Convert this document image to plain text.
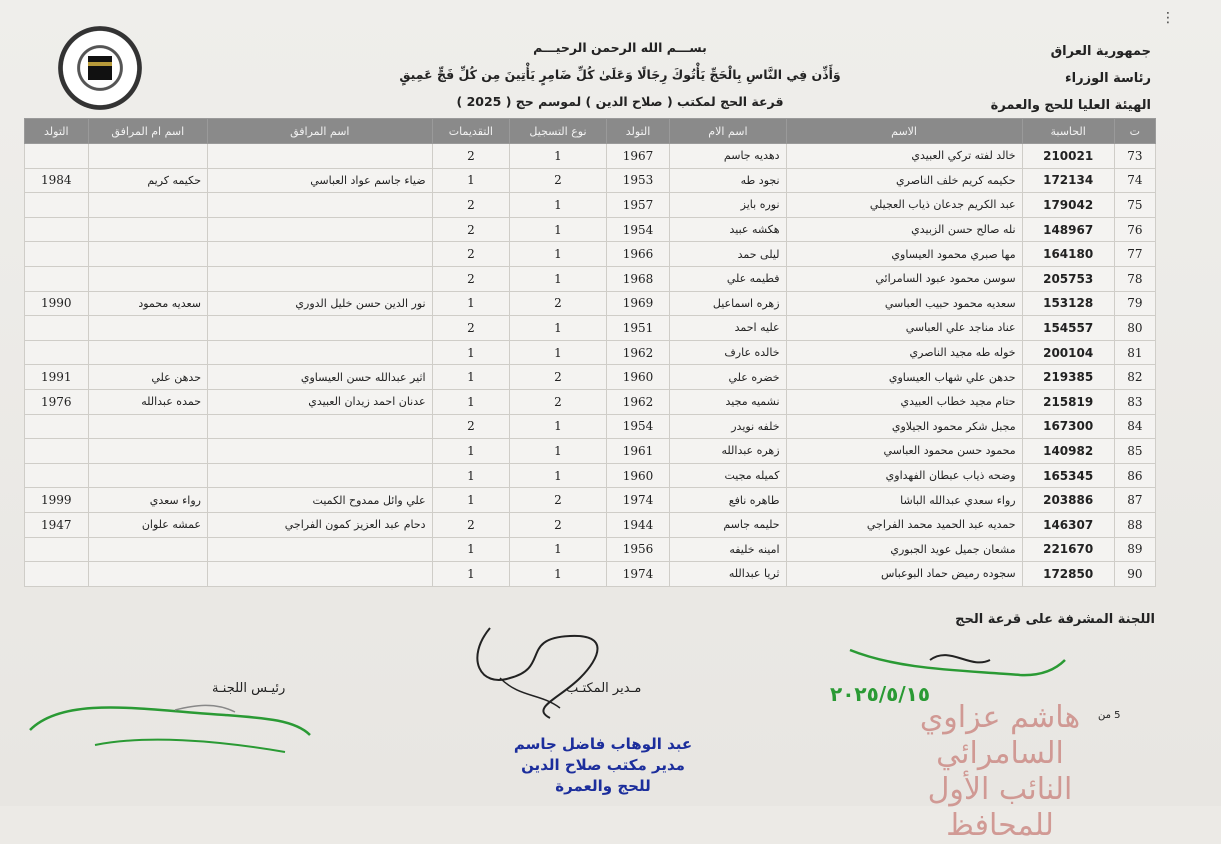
⋮
جمهورية العراق
رئاسة الوزراء
الهيئة العليا للحج والعمرة
بســـم الله الرحمن الرحيـــم
وَأَذِّن فِي النَّاسِ بِالْحَجِّ يَأْتُوكَ رِجَالًا وَعَلَىٰ كُلِّ ضَامِرٍ يَأْتِينَ مِن كُلِّ فَجٍّ عَمِيقٍ
قرعة الحج لمكتب ( صلاح الدين ) لموسم حج ( 2025 )
ت	الحاسبة	الاسم	اسم الام	التولد	نوع التسجيل	التقديمات	اسم المرافق	اسم ام المرافق	التولد
73	210021	خالد لفته تركي العبيدي	دهديه جاسم	1967	1	2			
74	172134	حكيمه كريم خلف الناصري	نجود طه	1953	2	1	ضياء جاسم عواد العباسي	حكيمه كريم	1984
75	179042	عبد الكريم جدعان ذياب العجيلي	نوره بايز	1957	1	2			
76	148967	نله صالح حسن الزبيدي	هكشه عبيد	1954	1	2			
77	164180	مها صبري محمود العيساوي	ليلى حمد	1966	1	2			
78	205753	سوسن محمود عبود السامرائي	فطيمه علي	1968	1	2			
79	153128	سعديه محمود حبيب العباسي	زهره اسماعيل	1969	2	1	نور الدين حسن خليل الدوري	سعديه محمود	1990
80	154557	عناد مناجد علي العباسي	عليه احمد	1951	1	2			
81	200104	خوله طه مجيد الناصري	خالده عارف	1962	1	1			
82	219385	حدهن علي شهاب العيساوي	خضره علي	1960	2	1	اثير عبدالله حسن العيساوي	حدهن علي	1991
83	215819	حتام مجيد خطاب العبيدي	نشميه مجيد	1962	2	1	عدنان احمد زيدان العبيدي	حمده عبدالله	1976
84	167300	مجبل شكر محمود الجيلاوي	خلفه نويدر	1954	1	2			
85	140982	محمود حسن محمود العباسي	زهره عبدالله	1961	1	1			
86	165345	وضحه ذياب عبطان الفهداوي	كميله مجيت	1960	1	1			
87	203886	رواء سعدي عبدالله الباشا	طاهره نافع	1974	2	1	علي وائل ممدوح الكميت	رواء سعدي	1999
88	146307	حمديه عبد الحميد محمد الفراجي	حليمه جاسم	1944	2	2	دحام عبد العزيز كمون الفراجي	عمشه علوان	1947
89	221670	مشعان جميل عويد الجبوري	امينه خليفه	1956	1	1			
90	172850	سجوده رميض حماد البوعباس	ثريا عبدالله	1974	1	1			
اللجنة المشرفة على قرعة الحج
مـدير المكتـب
عبد الوهاب فاضل جاسم
مدير مكتب صلاح الدين
للحج والعمرة
رئيـس اللجنـة	٢٠٢٥/٥/١٥
هاشم عزاوي السامرائي
النائب الأول للمحافظ
5 من
